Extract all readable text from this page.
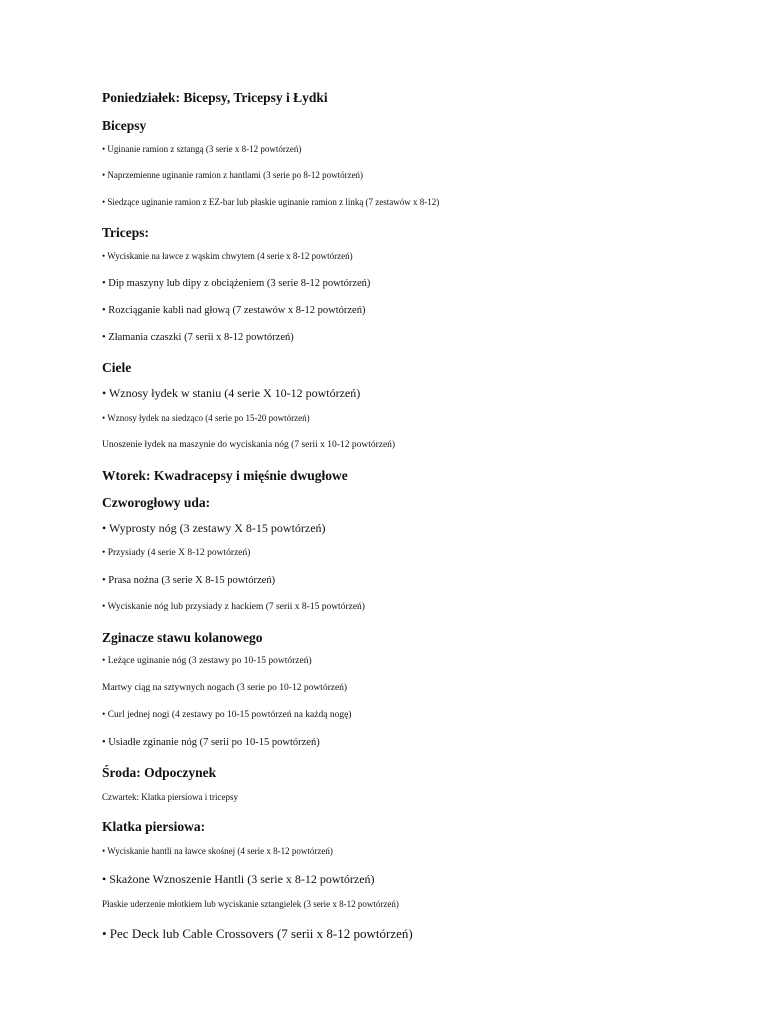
Poniedziałek: Bicepsy, Tricepsy i Łydki
Bicepsy
• Uginanie ramion z sztangą (3 serie x 8-12 powtórzeń)
• Naprzemienne uginanie ramion z hantlami (3 serie po 8-12 powtórzeń)
• Siedzące uginanie ramion z EZ-bar lub płaskie uginanie ramion z linką (7 zestawów x 8-12)
Triceps:
• Wyciskanie na ławce z wąskim chwytem (4 serie x 8-12 powtórzeń)
• Dip maszyny lub dipy z obciążeniem (3 serie 8-12 powtórzeń)
• Rozciąganie kabli nad głową (7 zestawów x 8-12 powtórzeń)
• Złamania czaszki (7 serii x 8-12 powtórzeń)
Ciele
• Wznosy łydek w staniu (4 serie X 10-12 powtórzeń)
• Wznosy łydek na siedząco (4 serie po 15-20 powtórzeń)
Unoszenie łydek na maszynie do wyciskania nóg (7 serii x 10-12 powtórzeń)
Wtorek: Kwadracepsy i mięśnie dwugłowe
Czworogłowy uda:
• Wyprosty nóg (3 zestawy X 8-15 powtórzeń)
• Przysiady (4 serie X 8-12 powtórzeń)
• Prasa nożna (3 serie X 8-15 powtórzeń)
• Wyciskanie nóg lub przysiady z hackiem (7 serii x 8-15 powtórzeń)
Zginacze stawu kolanowego
• Leżące uginanie nóg (3 zestawy po 10-15 powtórzeń)
Martwy ciąg na sztywnych nogach (3 serie po 10-12 powtórzeń)
• Curl jednej nogi (4 zestawy po 10-15 powtórzeń na każdą nogę)
• Usiadłe zginanie nóg (7 serii po 10-15 powtórzeń)
Środa: Odpoczynek
Czwartek: Klatka piersiowa i tricepsy
Klatka piersiowa:
• Wyciskanie hantli na ławce skośnej (4 serie x 8-12 powtórzeń)
• Skażone Wznoszenie Hantli (3 serie x 8-12 powtórzeń)
Płaskie uderzenie młotkiem lub wyciskanie sztangielek (3 serie x 8-12 powtórzeń)
• Pec Deck lub Cable Crossovers (7 serii x 8-12 powtórzeń)
